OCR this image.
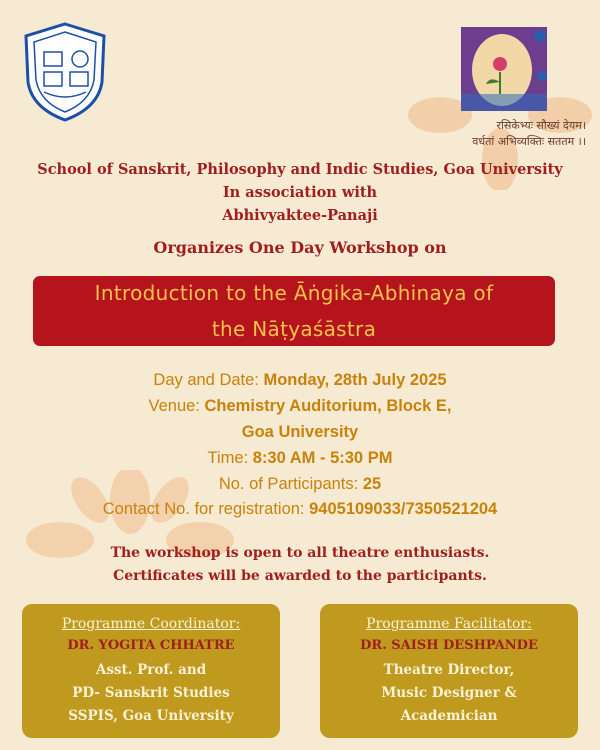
रसिकेभ्यः सौख्यं देयम।
वर्धतां अभिव्यक्तिः सततम ।।
School of Sanskrit, Philosophy and Indic Studies, Goa University
In association with
Abhivyaktee-Panaji
Organizes One Day Workshop on
Introduction to the Āṅgika-Abhinaya of
the Nāṭyaśāstra
Day and Date: Monday, 28th July 2025
Venue: Chemistry Auditorium, Block E,
Goa University
Time: 8:30 AM - 5:30 PM
No. of Participants: 25
Contact No. for registration: 9405109033/7350521204
The workshop is open to all theatre enthusiasts.
Certificates will be awarded to the participants.
Programme Coordinator:
DR. YOGITA CHHATRE
Asst. Prof. and
PD- Sanskrit Studies
SSPIS, Goa University
Programme Facilitator:
DR. SAISH DESHPANDE
Theatre Director,
Music Designer &
Academician
